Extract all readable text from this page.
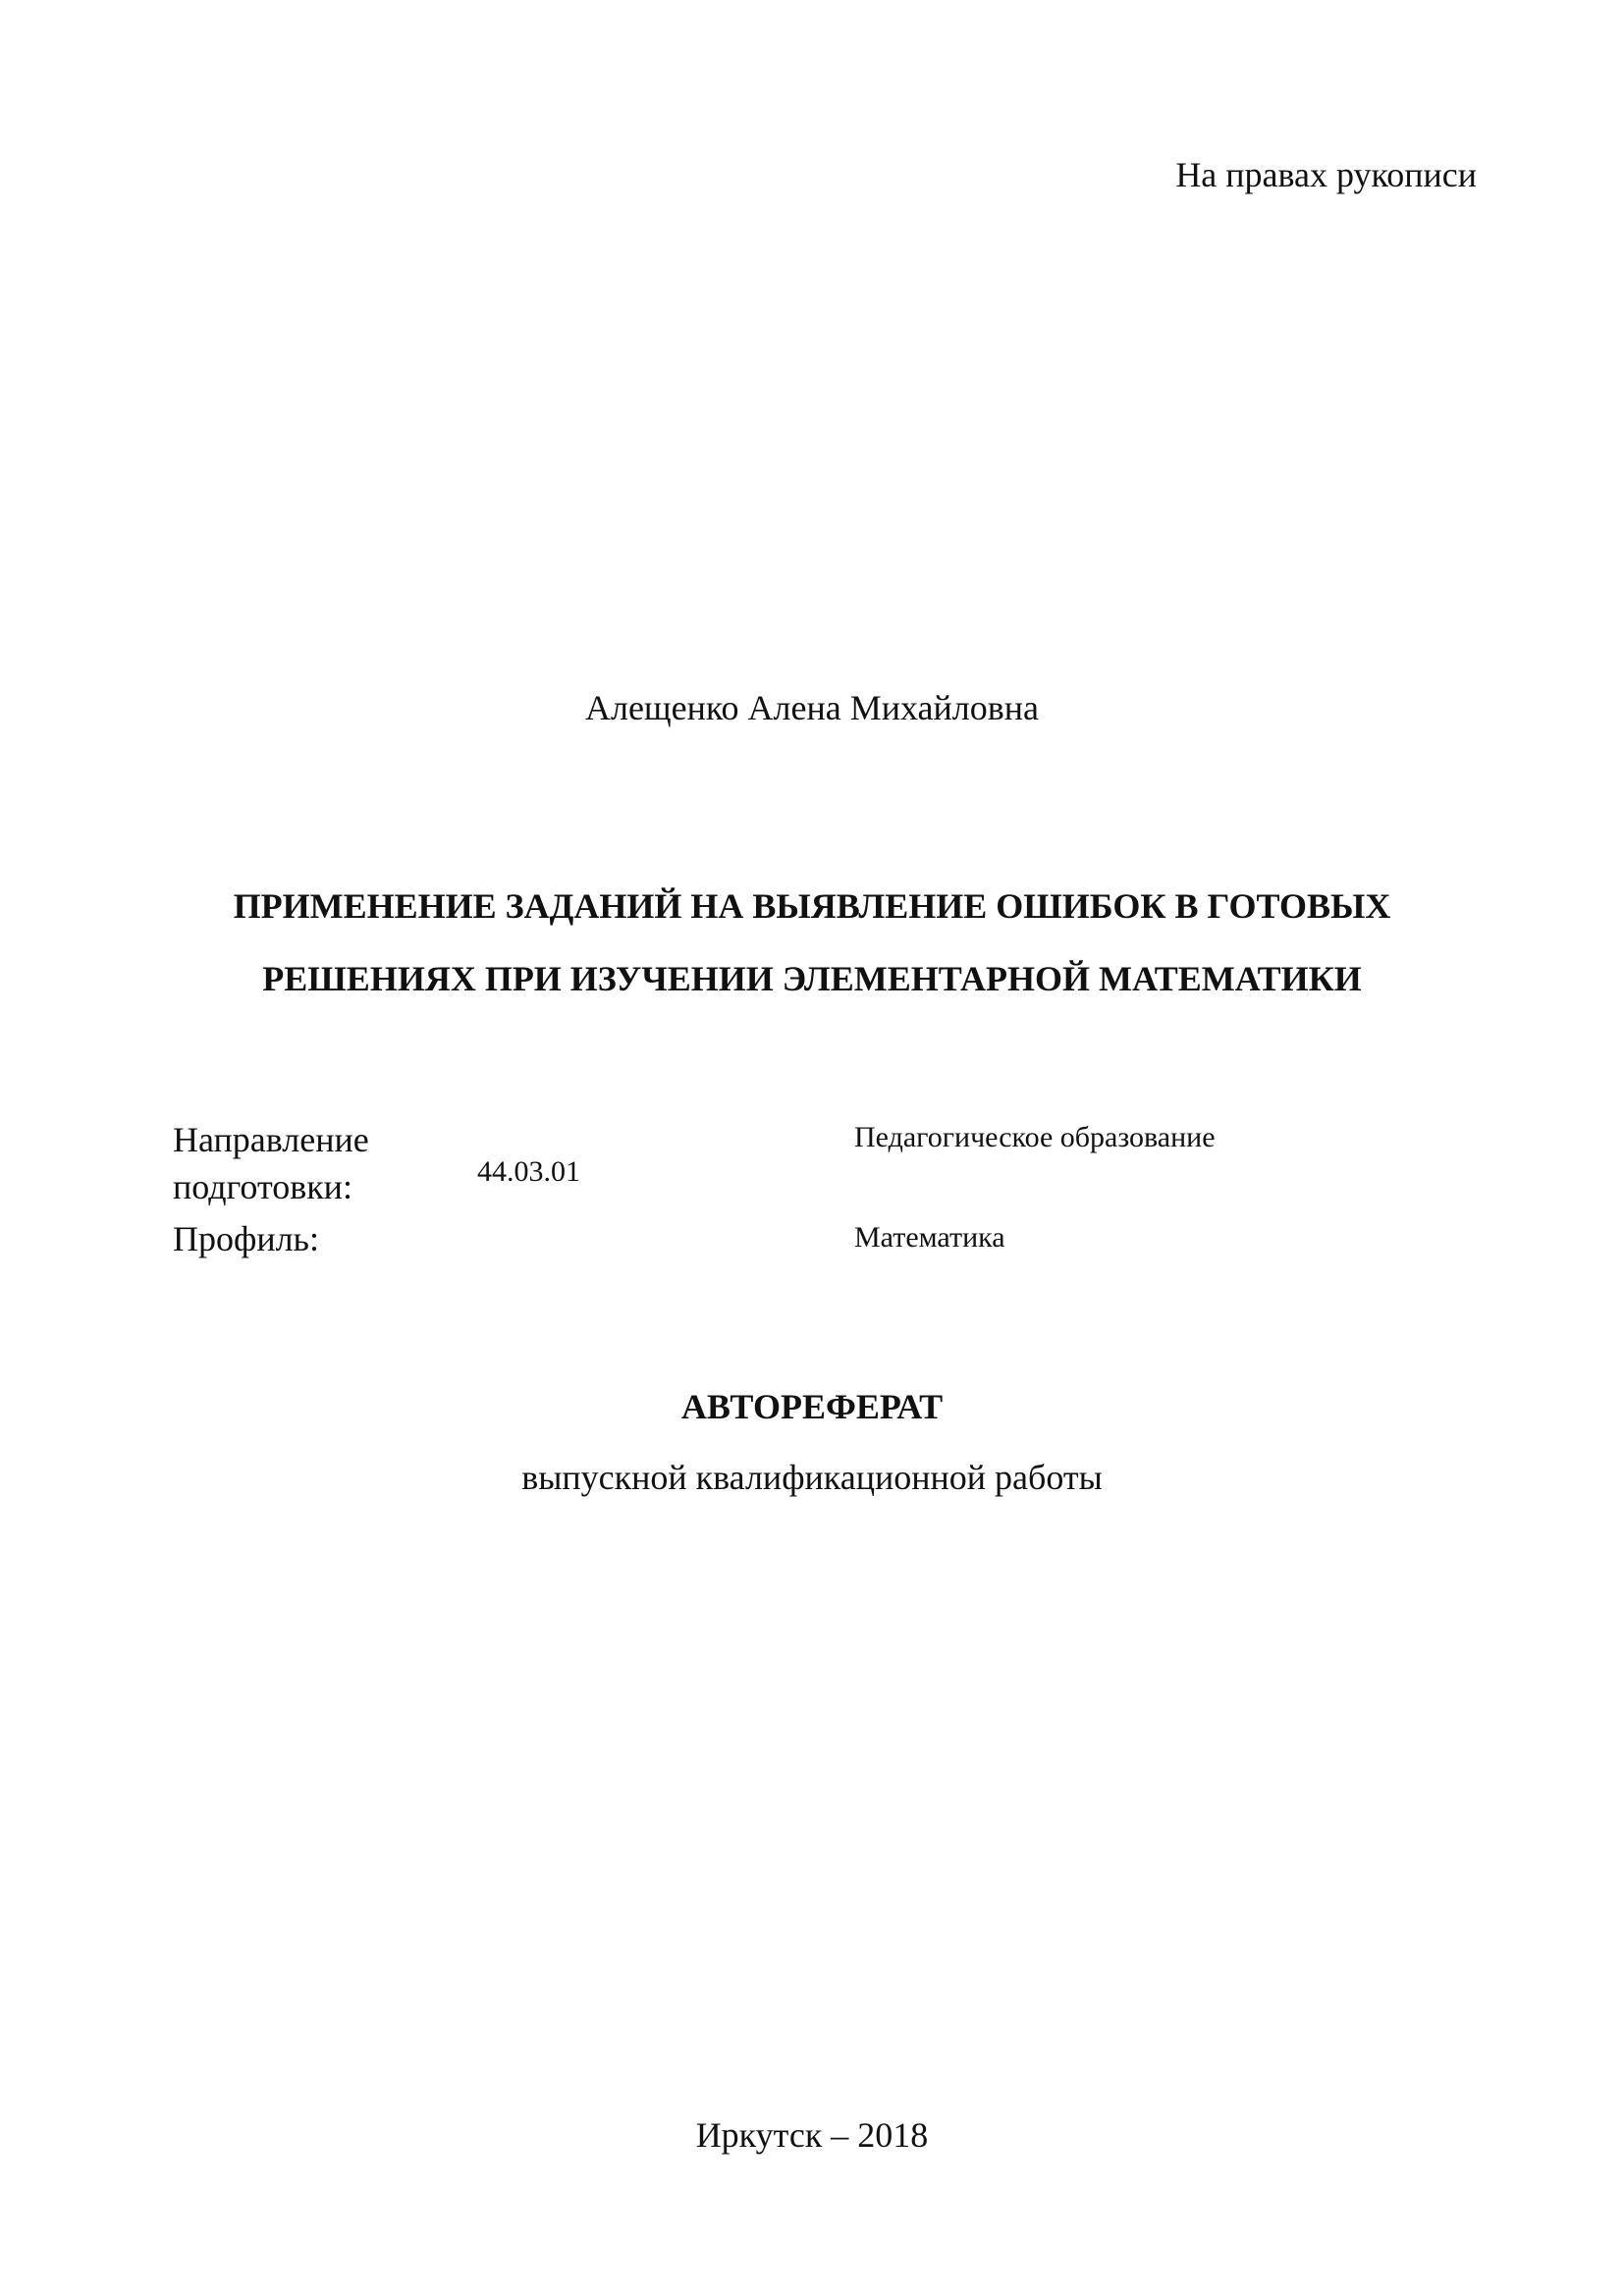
На правах рукописи
Алещенко Алена Михайловна
ПРИМЕНЕНИЕ ЗАДАНИЙ НА ВЫЯВЛЕНИЕ ОШИБОК В ГОТОВЫХ
РЕШЕНИЯХ ПРИ ИЗУЧЕНИИ ЭЛЕМЕНТАРНОЙ МАТЕМАТИКИ
Направление
подготовки:	44.03.01
Педагогическое образование
Профиль:	Математика
АВТОРЕФЕРАТ
выпускной квалификационной работы
Иркутск – 2018
